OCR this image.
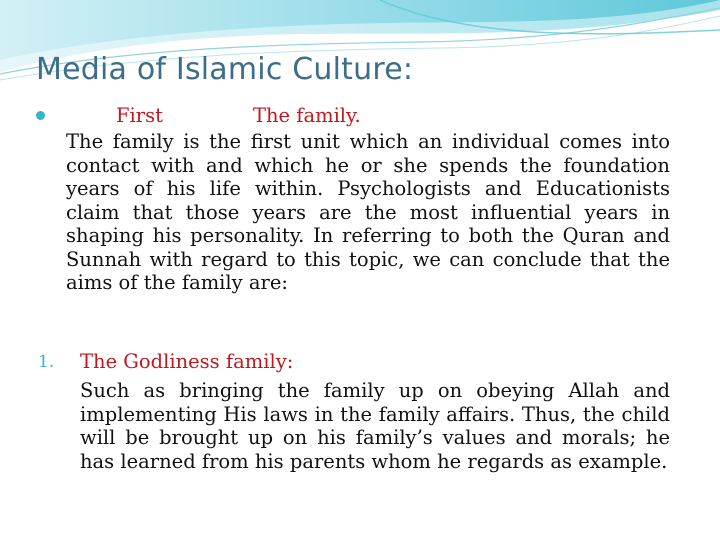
Media of Islamic Culture:
First	The family.
The family is the first unit which an individual comes into contact with and which he or she spends the foundation years of his life within. Psychologists and Educationists claim that those years are the most influential years in shaping his personality. In referring to both the Quran and Sunnah with regard to this topic, we can conclude that the aims of the family are:
1. The Godliness family:
Such as bringing the family up on obeying Allah and implementing His laws in the family affairs. Thus, the child will be brought up on his family’s values and morals; he has learned from his parents whom he regards as example.
